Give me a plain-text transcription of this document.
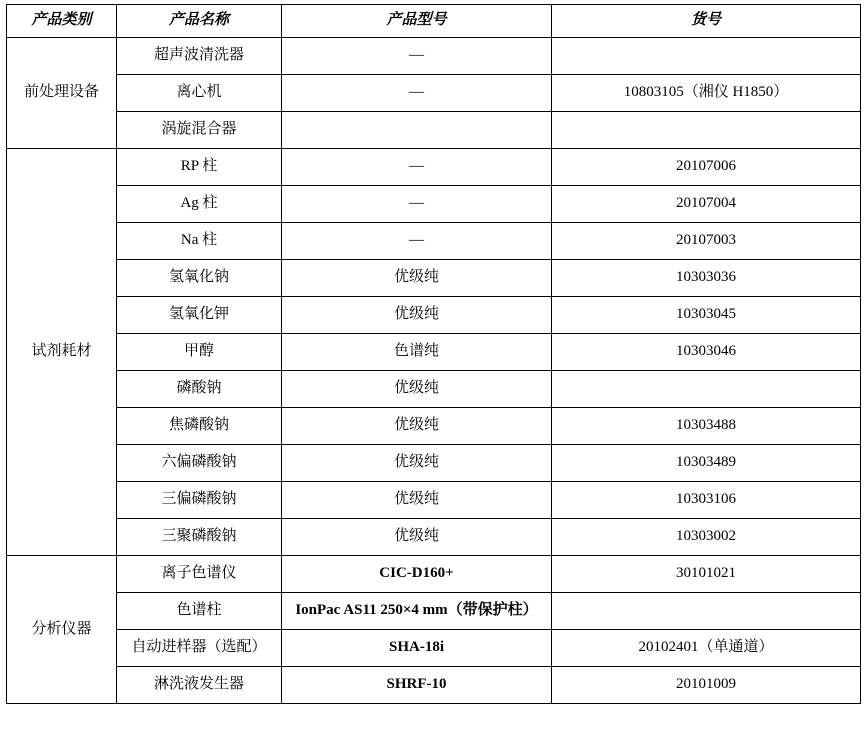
产品类别	产品名称	产品型号	货号
前处理设备	超声波清洗器	—	
	离心机	—	10803105（湘仪 H1850）
	涡旋混合器		
试剂耗材	RP 柱	—	20107006
	Ag 柱	—	20107004
	Na 柱	—	20107003
	氢氧化钠	优级纯	10303036
	氢氧化钾	优级纯	10303045
	甲醇	色谱纯	10303046
	磷酸钠	优级纯	
	焦磷酸钠	优级纯	10303488
	六偏磷酸钠	优级纯	10303489
	三偏磷酸钠	优级纯	10303106
	三聚磷酸钠	优级纯	10303002
分析仪器	离子色谱仪	CIC-D160+	30101021
	色谱柱	IonPac AS11 250×4 mm（带保护柱）	
	自动进样器（选配）	SHA-18i	20102401（单通道）
	淋洗液发生器	SHRF-10	20101009
